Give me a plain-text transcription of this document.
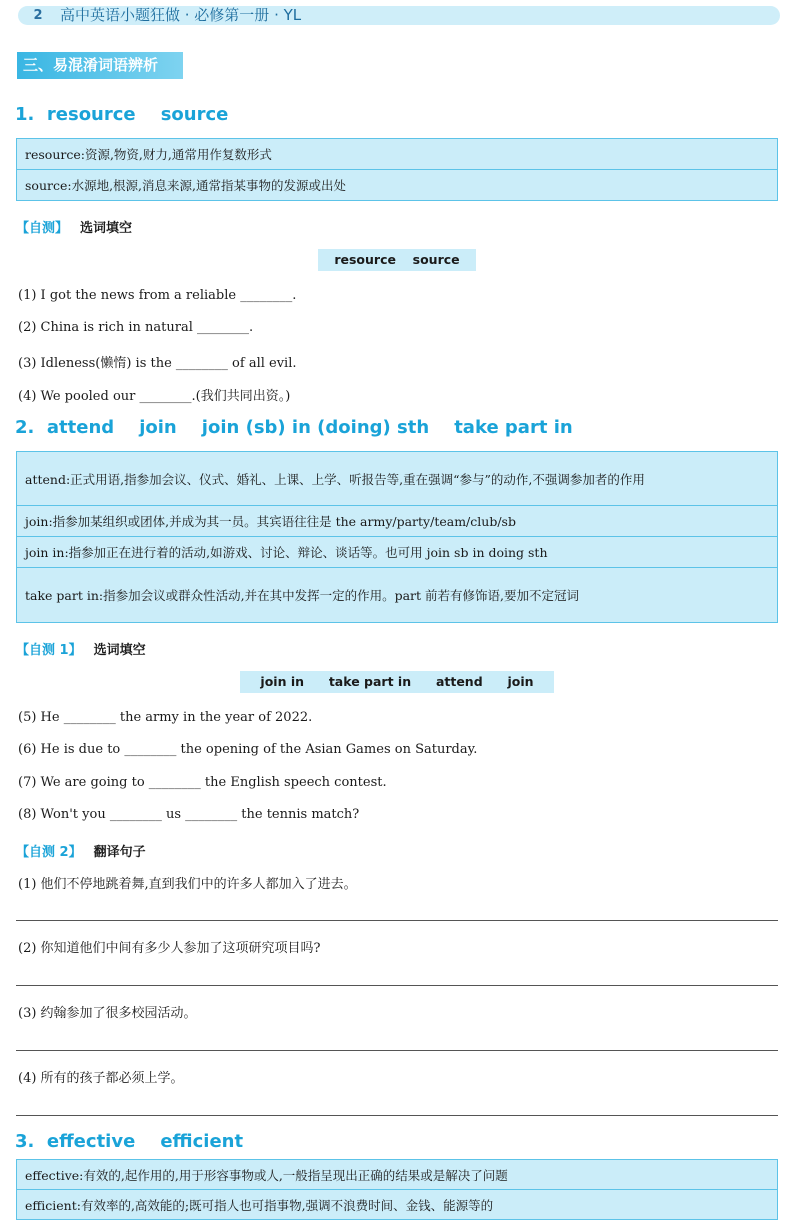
2	高中英语小题狂做 · 必修第一册 · YL
三、易混淆词语辨析
1.  resource    source
resource:资源,物资,财力,通常用作复数形式
source:水源地,根源,消息来源,通常指某事物的发源或出处
【自测】 选词填空
resource source
(1) I got the news from a reliable ________.
(2) China is rich in natural ________.
(3) Idleness(懒惰) is the ________ of all evil.
(4) We pooled our ________.(我们共同出资。)
2.  attend    join    join (sb) in (doing) sth    take part in
attend:正式用语,指参加会议、仪式、婚礼、上课、上学、听报告等,重在强调“参与”的动作,不强调参加者的作用
join:指参加某组织或团体,并成为其一员。其宾语往往是 the army/party/team/club/sb
join in:指参加正在进行着的活动,如游戏、讨论、辩论、谈话等。也可用 join sb in doing sth
take part in:指参加会议或群众性活动,并在其中发挥一定的作用。part 前若有修饰语,要加不定冠词
【自测 1】 选词填空
join in take part in attend join
(5) He ________ the army in the year of 2022.
(6) He is due to ________ the opening of the Asian Games on Saturday.
(7) We are going to ________ the English speech contest.
(8) Won't you ________ us ________ the tennis match?
【自测 2】 翻译句子
(1) 他们不停地跳着舞,直到我们中的许多人都加入了进去。
(2) 你知道他们中间有多少人参加了这项研究项目吗?
(3) 约翰参加了很多校园活动。
(4) 所有的孩子都必须上学。
3.  effective    efficient
effective:有效的,起作用的,用于形容事物或人,一般指呈现出正确的结果或是解决了问题
efficient:有效率的,高效能的;既可指人也可指事物,强调不浪费时间、金钱、能源等的
